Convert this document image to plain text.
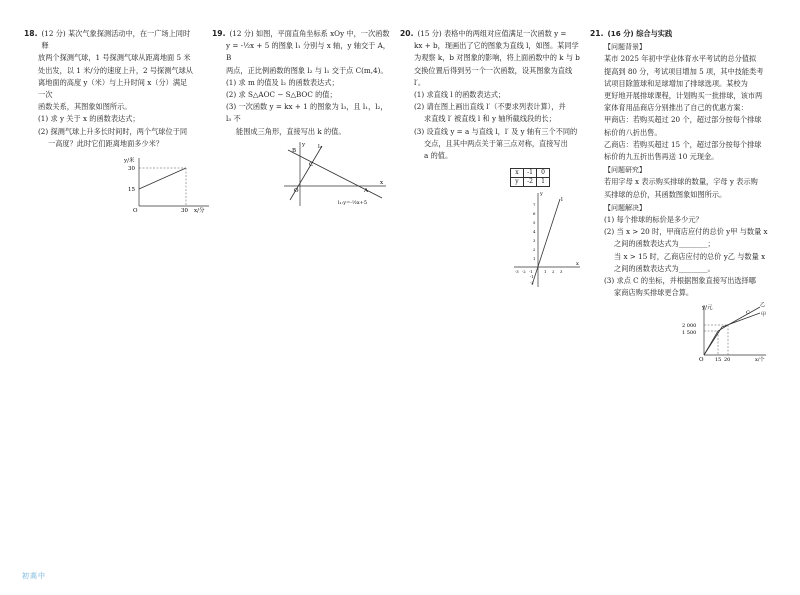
18. (12 分) 某次气象探测活动中，在一广场上同时释

放两个探测气球，1 号探测气球从距离地面 5 米

处出发，以 1 米/分的速度上升，2 号探测气球从

离地面的高度 y（米）与上升时间 x（分）满足一次

函数关系，其图象如图所示。

(1) 求 y 关于 x 的函数表达式；

(2) 探测气球上升多长时间时，两个气球位于同

一高度？此时它们距离地面多少米？

y/米
30
15
O	30 x/分
19. (12 分) 如图，平面直角坐标系 xOy 中，一次函数

y = -½x + 5 的图象 l₁ 分别与 x 轴，y 轴交于 A，B

两点，正比例函数的图象 l₂ 与 l₁ 交于点 C(m,4)。

(1) 求 m 的值及 l₂ 的函数表达式；

(2) 求 S△AOC − S△BOC 的值；

(3) 一次函数 y = kx + 1 的图象为 l₃，且 l₁，l₂，l₃ 不

能围成三角形，直接写出 k 的值。

l₂
B
C
A
O
x
y
l₁:y=-½x+5
20. (15 分) 表格中的两组对应值满足一次函数 y =

kx + b，现画出了它的图象为直线 l，如图。某同学

为观察 k，b 对图象的影响，将上面函数中的 k 与 b

交换位置后得到另一个一次函数，设其图象为直线

l′。

(1) 求直线 l 的函数表达式；

(2) 请在图上画出直线 l′（不要求列表计算），并

求直线 l′ 被直线 l 和 y 轴所截线段的长；

(3) 设直线 y = a 与直线 l，l′ 及 y 轴有三个不同的

交点，且其中两点关于第三点对称，直接写出

a 的值。

x	-1	0
y	-2	1
l
x
y
-3 -2 -1	1 2 3
7
6
5
4
3
2
1
-1
-2
21. (16 分) 综合与实践

【问题背景】

某市 2025 年初中学业体育水平考试的总分值拟

提高到 80 分，考试项目增加 5 项，其中技能类考

试项目除篮球和足球增加了排球选项。某校为

更好地开展排球课程，计划购买一批排球，该市两

家体育用品商店分别推出了自己的优惠方案：

甲商店：若购买超过 20 个，超过部分按每个排球

标价的八折出售。

乙商店：若购买超过 15 个，超过部分按每个排球

标价的九五折出售再送 10 元现金。

【问题研究】

若用字母 x 表示购买排球的数量，字母 y 表示购

买排球的总价，其函数图象如图所示。

【问题解决】

(1) 每个排球的标价是多少元？

(2) 当 x > 20 时，甲商店应付的总价 y甲 与数量 x

之间的函数表达式为________；

当 x > 15 时，乙商店应付的总价 y乙 与数量 x

之间的函数表达式为________。

(3) 求点 C 的坐标，并根据图象直接写出选择哪

家商店购买排球更合算。

y/元
2 000
1 500
O 15 20	x/个
C
乙
甲
初高中
